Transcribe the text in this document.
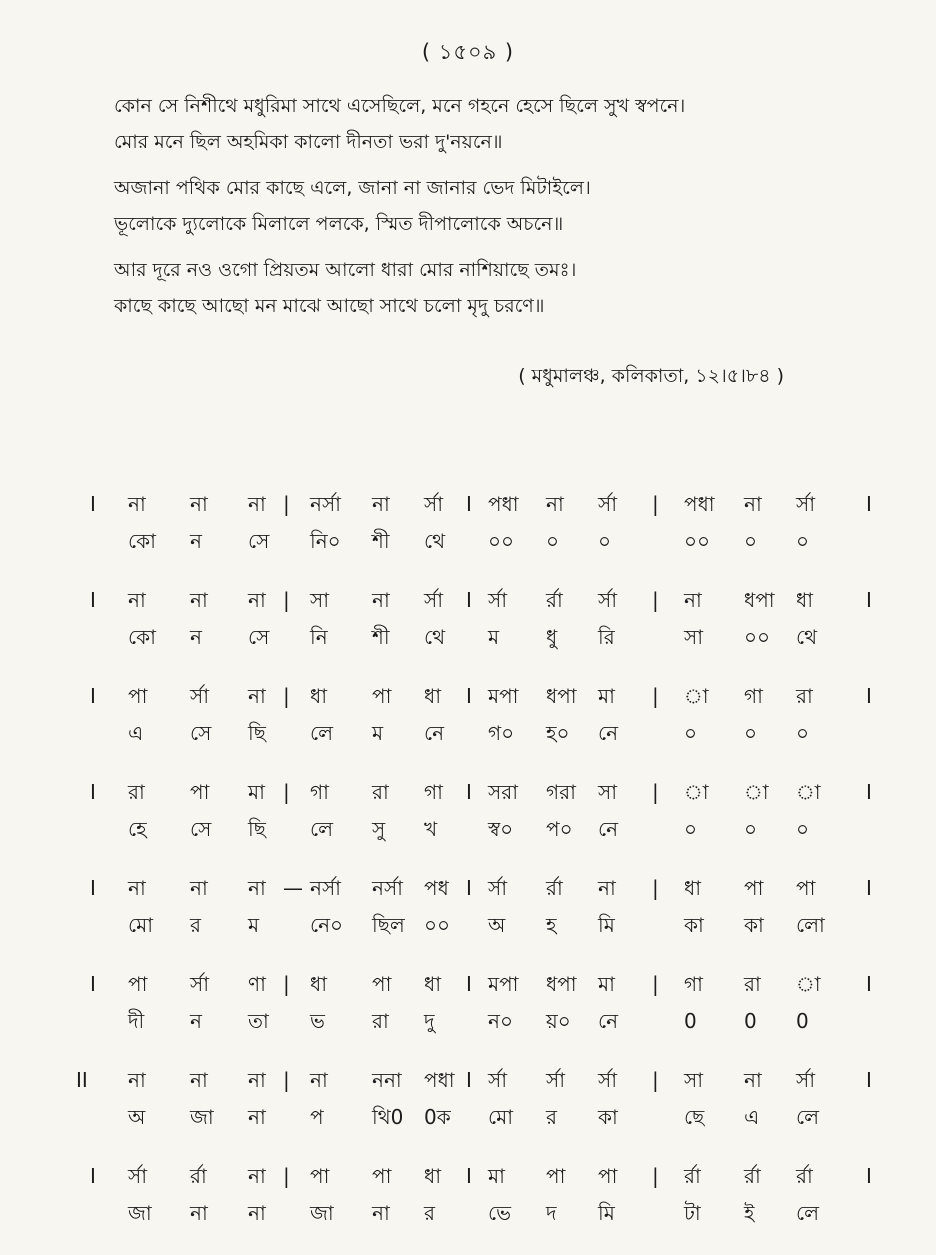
( ১৫০৯ )
কোন সে নিশীথে মধুরিমা সাথে এসেছিলে, মনে গহনে হেসে ছিলে সুখ স্বপনে।
মোর মনে ছিল অহমিকা কালো দীনতা ভরা দু'নয়নে॥
অজানা পথিক মোর কাছে এলে, জানা না জানার ভেদ মিটাইলে।
ভূলোকে দ্যুলোকে মিলালে পলকে, স্মিত দীপালোকে অচনে॥
আর দূরে নও ওগো প্রিয়তম আলো ধারা মোর নাশিয়াছে তমঃ।
কাছে কাছে আছো মন মাঝে আছো সাথে চলো মৃদু চরণে॥
( মধুমালঞ্চ, কলিকাতা, ১২।৫।৮৪ )
I না না না | নর্সা না র্সা I পধা না র্সা | পধা না র্সা	I
কো ন সে নি০ শী থে ০০ ০ ০	০০ ০ ০
I না না না | সা না র্সা I র্সা র্রা র্সা | না ধপা ধা	I
কো ন সে নি শী থে ম ধু রি	সা ০০ থে
I পা র্সা না | ধা পা ধা I মপা ধপা মা | া গা রা	I
এ সে ছি লে ম নে গ০ হ০ নে	০ ০ ০
I রা পা মা | গা রা গা I সরা গরা সা | া া া I
হে সে ছি লে সু খ	স্ব০ প০ নে	০ ০ ০
I না না না — নর্সা নর্সা পধ I র্সা র্রা না | ধা পা পা	I
মো র ম	নে০ ছিল ০০ অ হ মি	কা কা লো
I পা র্সা ণা | ধা পা ধা I মপা ধপা মা | গা রা া I
দী ন তা ভ রা দু	ন০ য়০ নে	0 0 0
II না না না | না ননা পধা I র্সা র্সা র্সা | সা না র্সা	I
অ জা না প থি0 0ক মো র কা	ছে এ লে
I র্সা র্রা না | পা পা ধা I মা পা পা | র্রা র্রা র্রা	I
জা না না জা না র	ভে দ মি	টা ই লে
